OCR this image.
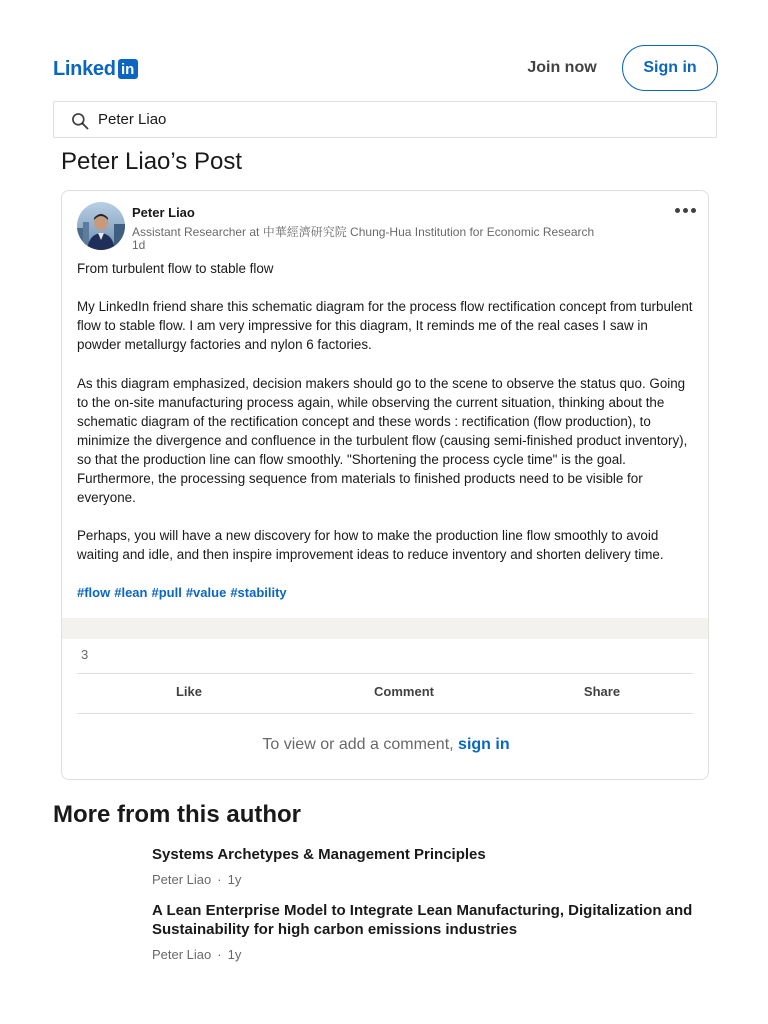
Linked in	Join now	Sign in
Peter Liao
Peter Liao’s Post
Peter Liao
Assistant Researcher at 中華經濟研究院 Chung-Hua Institution for Economic Research
1d

From turbulent flow to stable flow

My LinkedIn friend share this schematic diagram for the process flow rectification concept from turbulent flow to stable flow. I am very impressive for this diagram, It reminds me of the real cases I saw in powder metallurgy factories and nylon 6 factories.

As this diagram emphasized, decision makers should go to the scene to observe the status quo. Going to the on-site manufacturing process again, while observing the current situation, thinking about the schematic diagram of the rectification concept and these words : rectification (flow production), to minimize the divergence and confluence in the turbulent flow (causing semi-finished product inventory), so that the production line can flow smoothly. "Shortening the process cycle time" is the goal. Furthermore, the processing sequence from materials to finished products need to be visible for everyone.

Perhaps, you will have a new discovery for how to make the production line flow smoothly to avoid waiting and idle, and then inspire improvement ideas to reduce inventory and shorten delivery time.

#flow #lean #pull #value #stability
3
Like	Comment	Share
To view or add a comment, sign in
More from this author
Systems Archetypes & Management Principles
Peter Liao · 1y
A Lean Enterprise Model to Integrate Lean Manufacturing, Digitalization and Sustainability for high carbon emissions industries
Peter Liao · 1y
